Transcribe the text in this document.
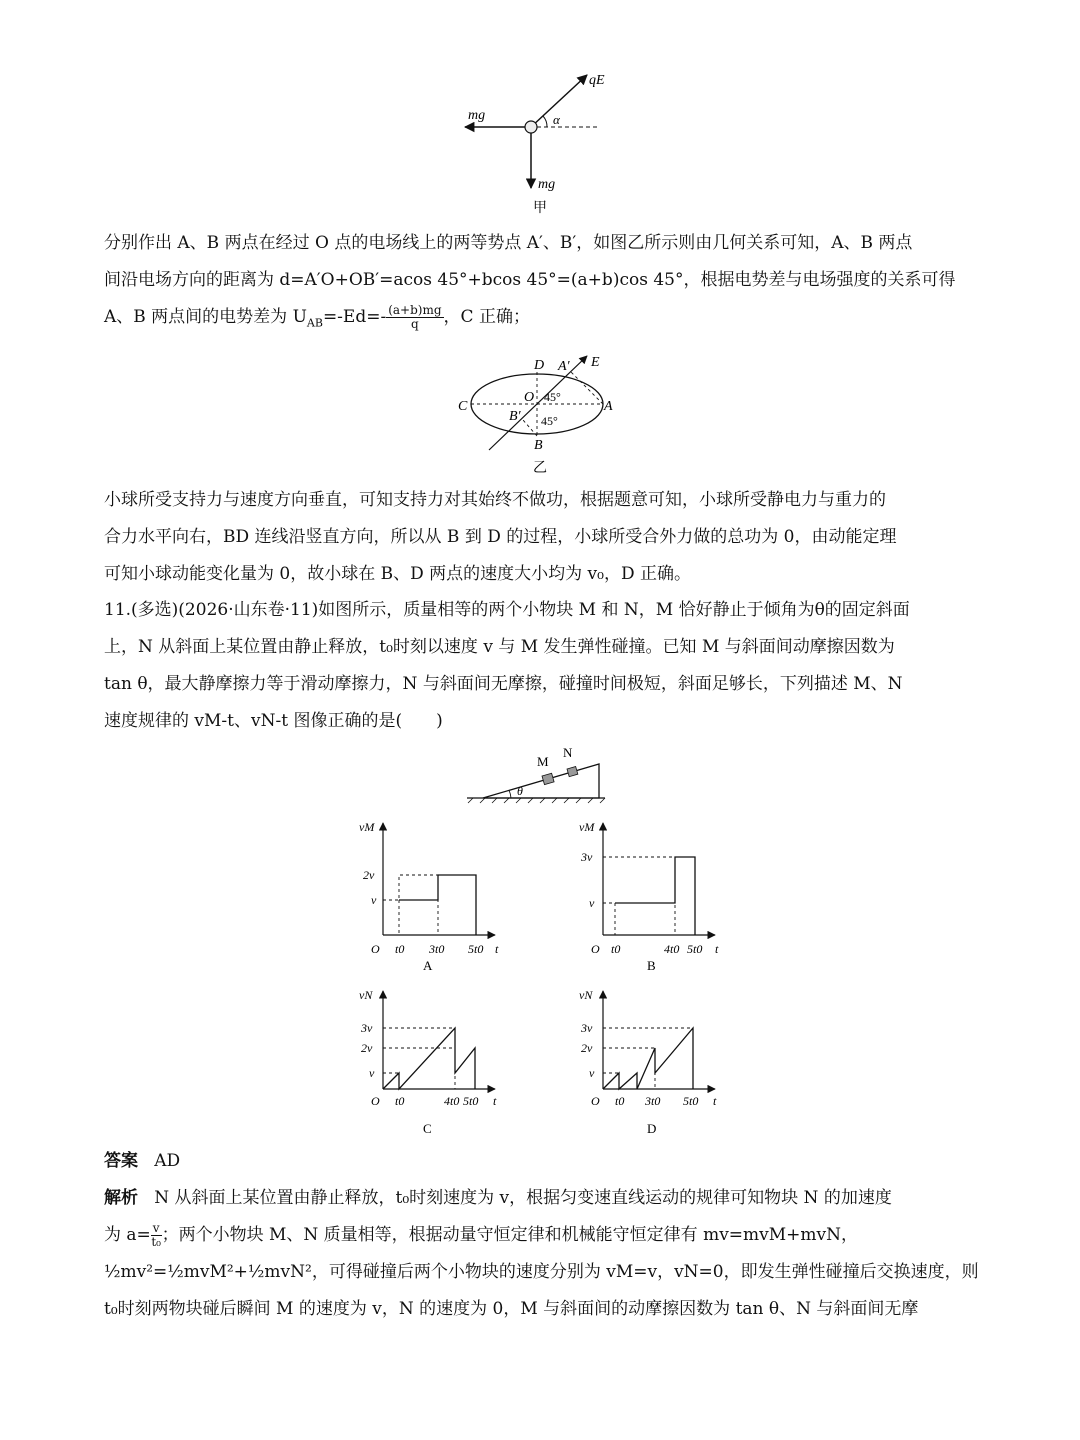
qE
mg
mg
α
甲
分别作出 A、B 两点在经过 O 点的电场线上的两等势点 A′、B′，如图乙所示则由几何关系可知，A、B 两点
间沿电场方向的距离为 d=A′O+OB′=acos 45°+bcos 45°=(a+b)cos 45°，根据电势差与电场强度的关系可得
A、B 两点间的电势差为 $U_{AB}=-Ed=- \frac{(a+b)mg}{q}$ ，C 正确；
D A′ E
C
O 45°
A
B′ 45°
B
乙
小球所受支持力与速度方向垂直，可知支持力对其始终不做功，根据题意可知，小球所受静电力与重力的
合力水平向右，BD 连线沿竖直方向，所以从 B 到 D 的过程，小球所受合外力做的总功为 0，由动能定理
可知小球动能变化量为 0，故小球在 B、D 两点的速度大小均为 v₀，D 正确。
11.(多选)(2026·山东卷·11)如图所示，质量相等的两个小物块 M 和 N，M 恰好静止于倾角为θ的固定斜面
上，N 从斜面上某位置由静止释放，t₀时刻以速度 v 与 M 发生弹性碰撞。已知 M 与斜面间动摩擦因数为
tan θ，最大静摩擦力等于滑动摩擦力，N 与斜面间无摩擦，碰撞时间极短，斜面足够长，下列描述 M、N
速度规律的 vM-t、vN-t 图像正确的是(　　)
M
N
θ
vM
2v
v
O t0 3t0 5t0 t
A
vM
3v
v
O t0	4t0 5t0 t
B
vN
3v
2v
v
O t0	4t0 5t0 t
C
vN
3v
2v
v
O t0 3t0 5t0 t
D
答案 AD
解析 N 从斜面上某位置由静止释放，t₀时刻速度为 v，根据匀变速直线运动的规律可知物块 N 的加速度
为 $a= \frac{v}{\text{t₀}}$ ；两个小物块 M、N 质量相等，根据动量守恒定律和机械能守恒定律有 mv=mvM+mvN，
½mv²=½mvM²+½mvN²，可得碰撞后两个小物块的速度分别为 vM=v，vN=0，即发生弹性碰撞后交换速度，则
t₀时刻两物块碰后瞬间 M 的速度为 v，N 的速度为 0，M 与斜面间的动摩擦因数为 tan θ、N 与斜面间无摩
